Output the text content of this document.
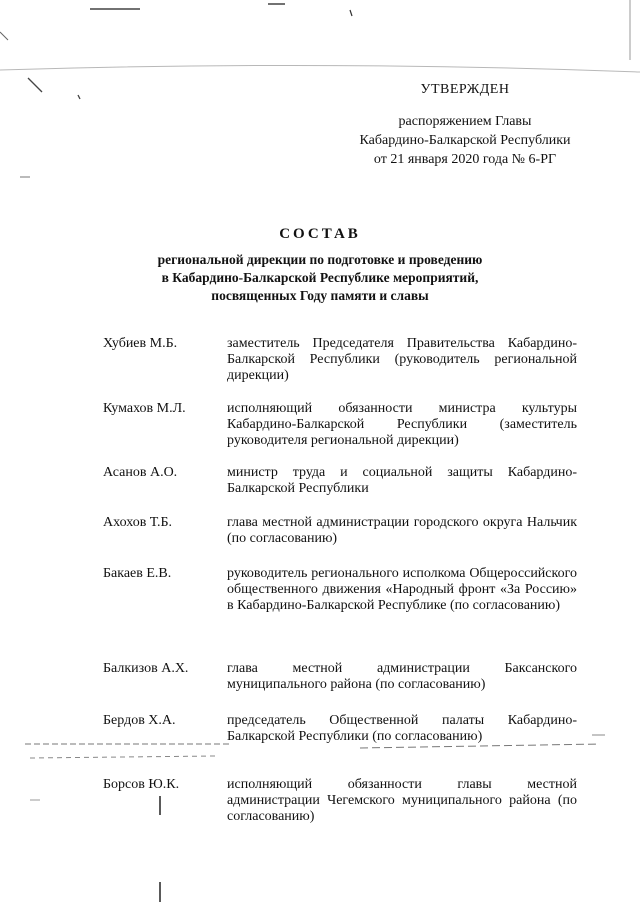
УТВЕРЖДЕН
распоряжением Главы
Кабардино-Балкарской Республики
от 21 января 2020 года № 6-РГ
СОСТАВ
региональной дирекции по подготовке и проведению
в Кабардино-Балкарской Республике мероприятий,
посвященных Году памяти и славы
Хубиев М.Б.	заместитель Председателя Правительства Кабардино-Балкарской Республики (руководитель региональной дирекции)
Кумахов М.Л.	исполняющий обязанности министра культуры Кабардино-Балкарской Республики (заместитель руководителя региональной дирекции)
Асанов А.О.	министр труда и социальной защиты Кабардино-Балкарской Республики
Ахохов Т.Б.	глава местной администрации городского округа Нальчик (по согласованию)
Бакаев Е.В.	руководитель регионального исполкома Общероссийского общественного движения «Народный фронт «За Россию» в Кабардино-Балкарской Республике (по согласованию)
Балкизов А.Х.	глава местной администрации Баксанского муниципального района (по согласованию)
Бердов Х.А.	председатель Общественной палаты Кабардино-Балкарской Республики (по согласованию)
Борсов Ю.К.	исполняющий обязанности главы местной администрации Чегемского муниципального района (по согласованию)
